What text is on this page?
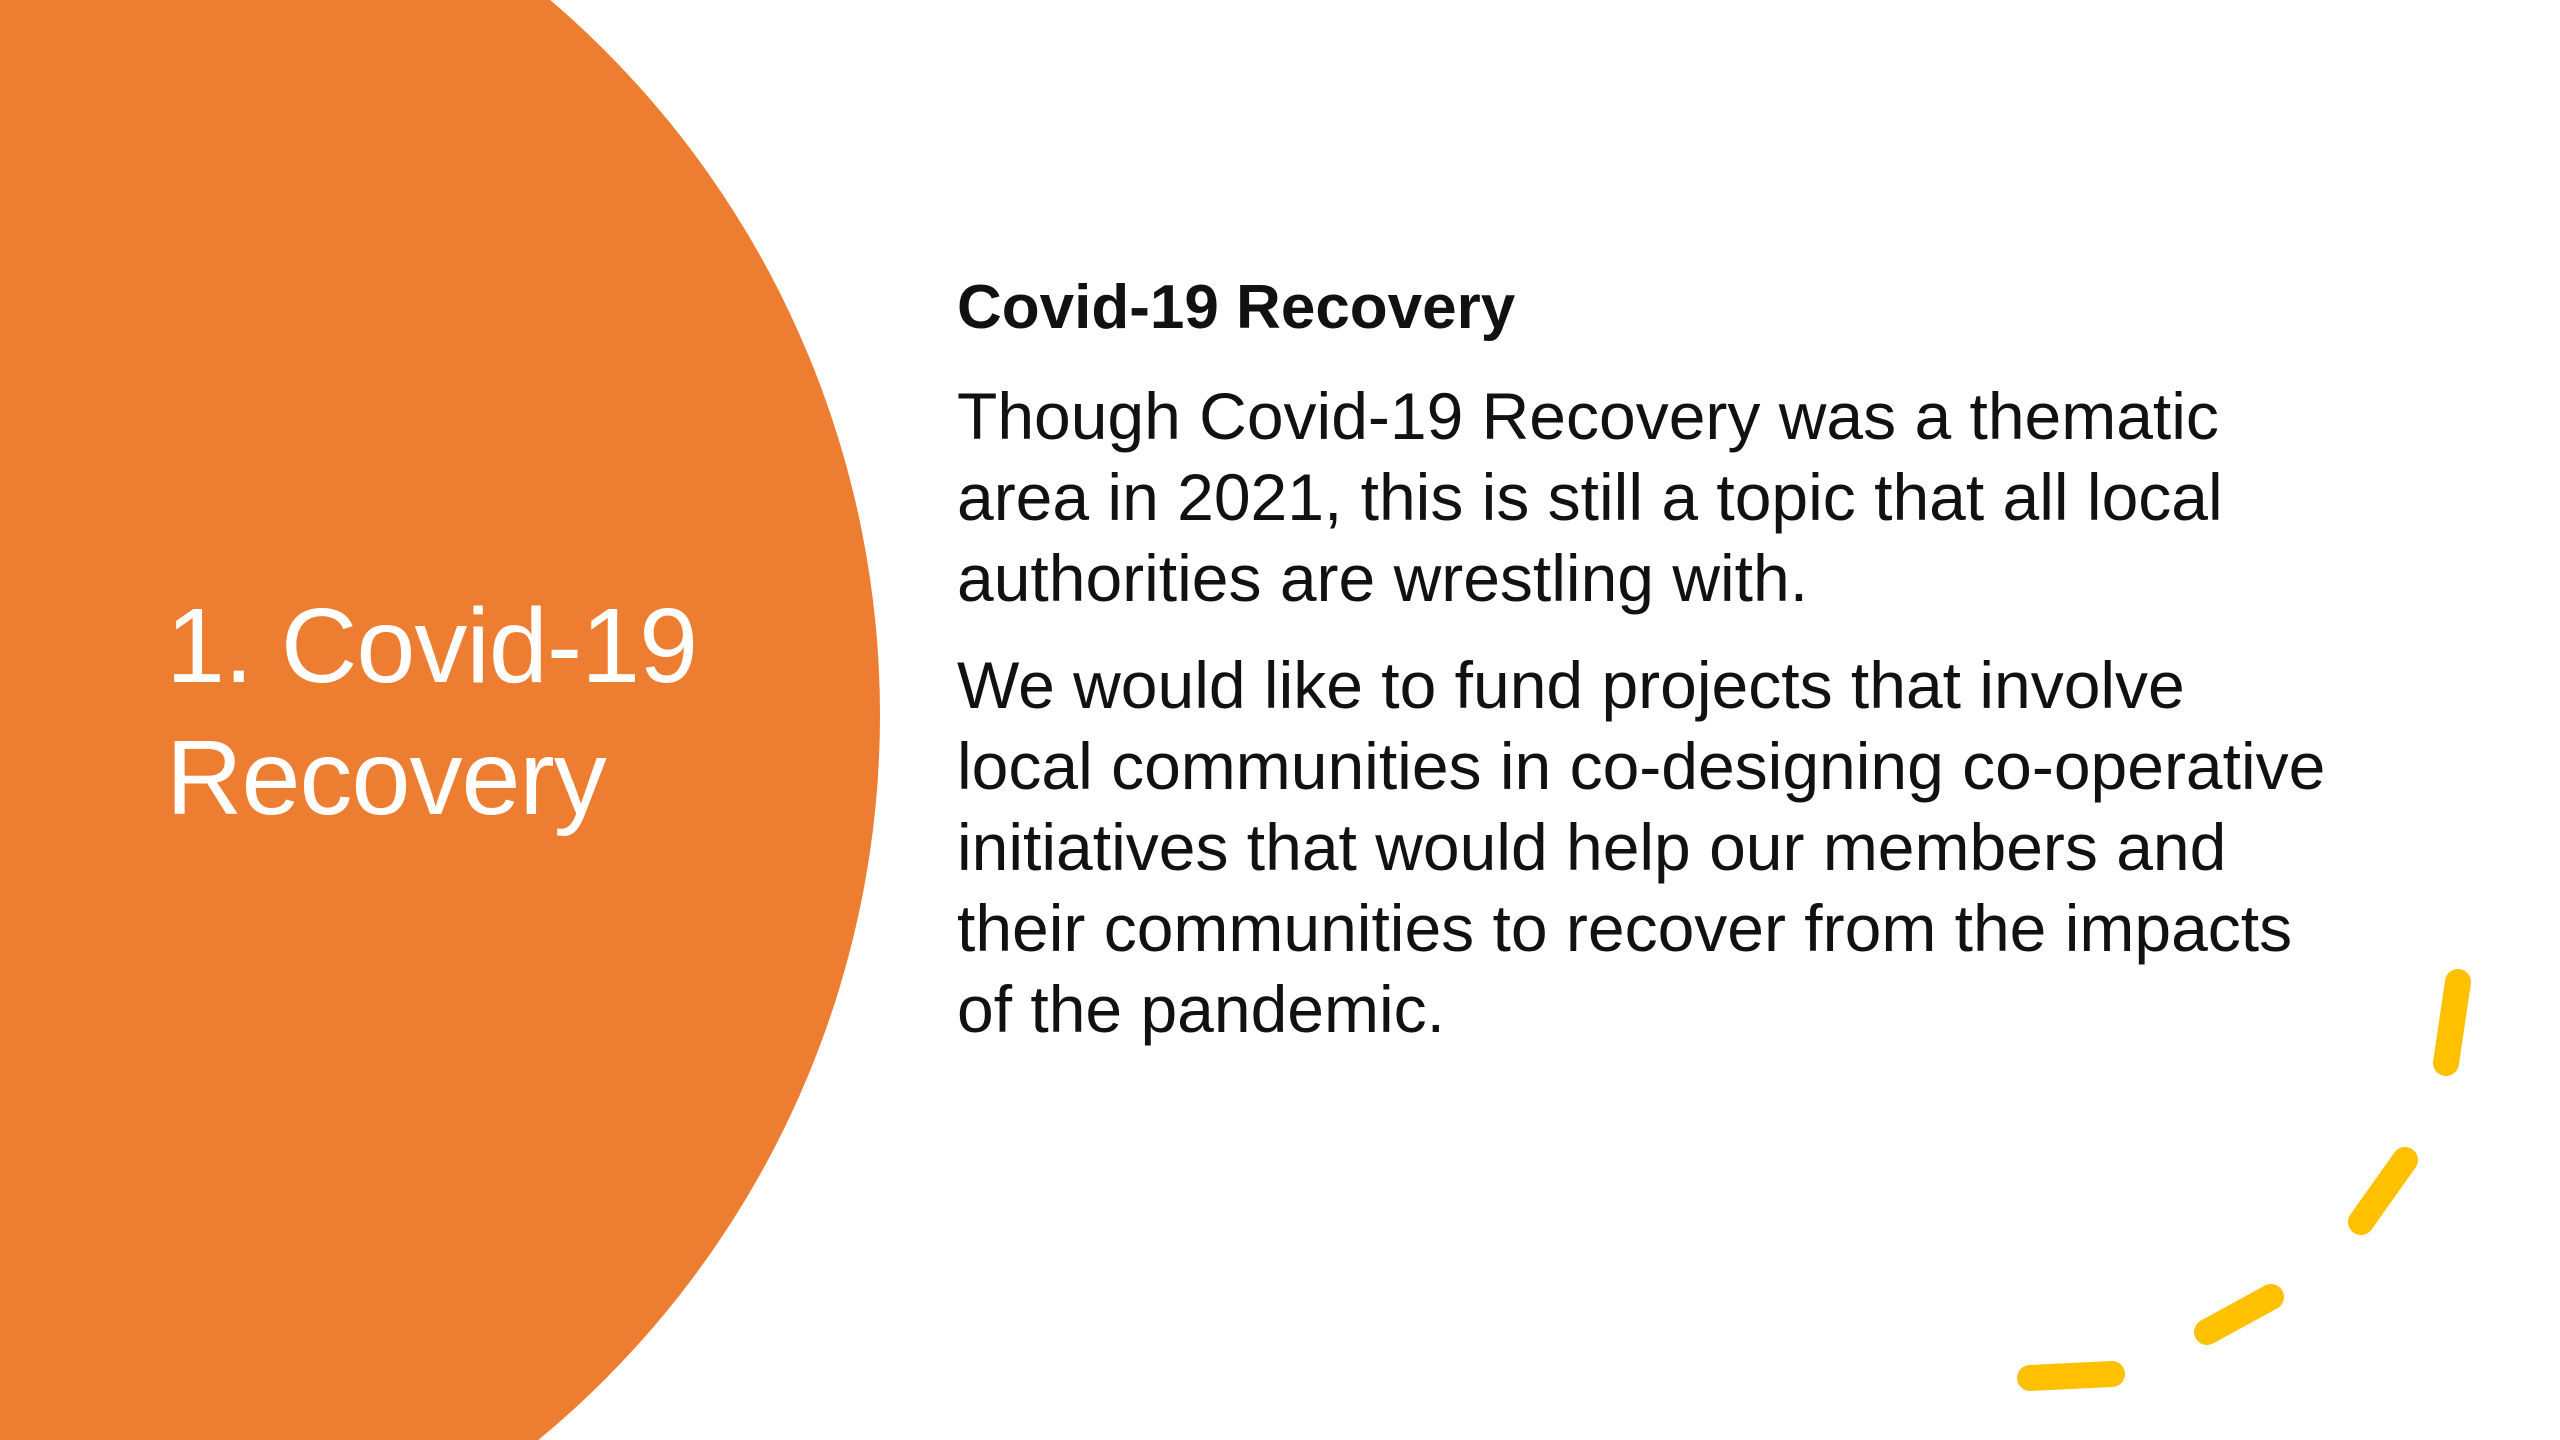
1. Covid-19
Recovery
Covid-19 Recovery

Though Covid-19 Recovery was a thematic area in 2021, this is still a topic that all local authorities are wrestling with.

We would like to fund projects that involve local communities in co-designing co-operative initiatives that would help our members and their communities to recover from the impacts of the pandemic.
